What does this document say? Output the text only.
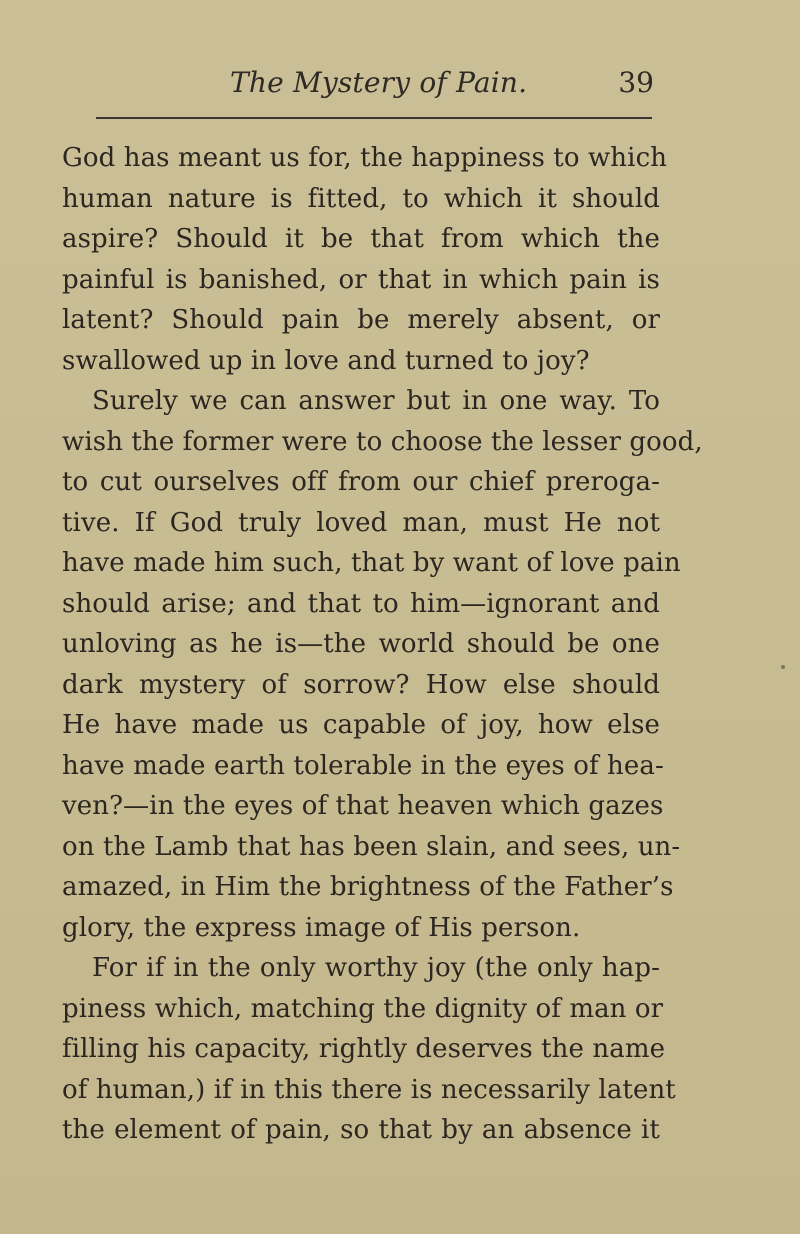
The Mystery of Pain.	39
God has meant us for, the happiness to which
human nature is fitted, to which it should
aspire? Should it be that from which the
painful is banished, or that in which pain is
latent? Should pain be merely absent, or
swallowed up in love and turned to joy?
Surely we can answer but in one way. To
wish the former were to choose the lesser good,
to cut ourselves off from our chief preroga-
tive. If God truly loved man, must He not
have made him such, that by want of love pain
should arise; and that to him—ignorant and
unloving as he is—the world should be one
dark mystery of sorrow? How else should
He have made us capable of joy, how else
have made earth tolerable in the eyes of hea-
ven?—in the eyes of that heaven which gazes
on the Lamb that has been slain, and sees, un-
amazed, in Him the brightness of the Father’s
glory, the express image of His person.
For if in the only worthy joy (the only hap-
piness which, matching the dignity of man or
filling his capacity, rightly deserves the name
of human,) if in this there is necessarily latent
the element of pain, so that by an absence it
